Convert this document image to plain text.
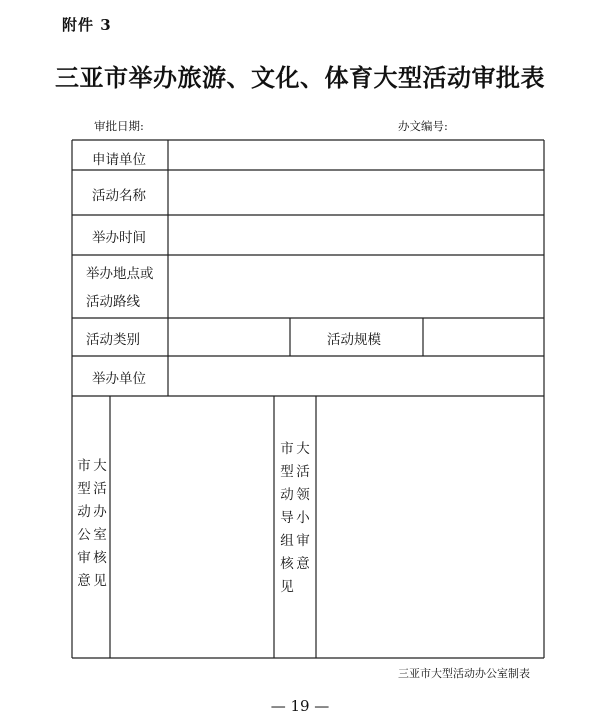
附件 3
三亚市举办旅游、文化、体育大型活动审批表
审批日期:	办文编号:
申请单位
活动名称
举办时间
举办地点或
活动路线
活动类别	活动规模
举办单位
市
型
动
公
审
意
大
活
办
室
核
见
市
型
动
导
组
核
见
大
活
领
小
审
意
三亚市大型活动办公室制表
— 19 —
